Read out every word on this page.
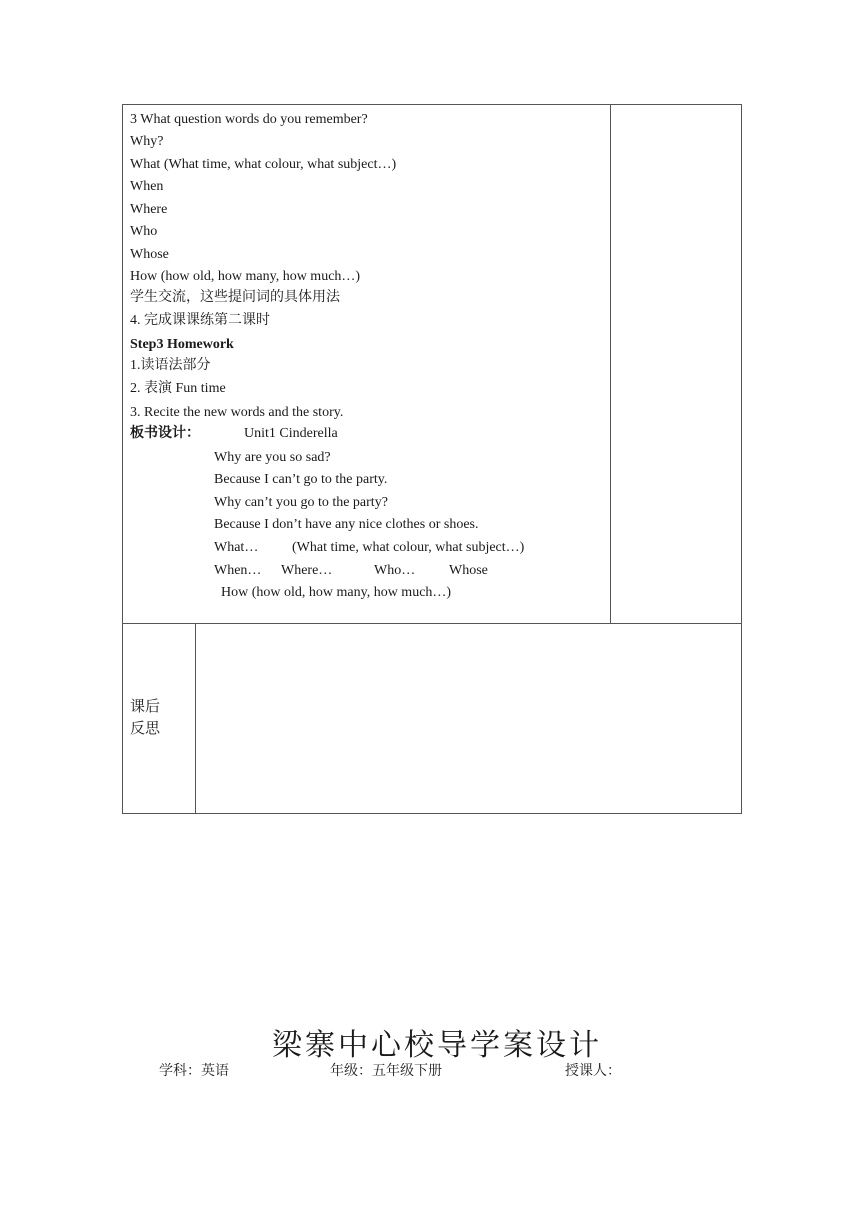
3 What question words do you remember?
Why?
What (What time, what colour, what subject…)
When
Where
Who
Whose
How (how old, how many, how much…)
学生交流，这些提问词的具体用法
4. 完成课课练第二课时
Step3 Homework
1.读语法部分
2. 表演 Fun time
3. Recite the new words and the story.
板书设计：	Unit1 Cinderella
Why are you so sad?
Because I can’t go to the party.
Why can’t you go to the party?
Because I don’t have any nice clothes or shoes.
What… (What time, what colour, what subject…)
When… Where…	Who… Whose
How (how old, how many, how much…)
课后
反思
梁寨中心校导学案设计
学科：英语	年级：五年级下册	授课人：
